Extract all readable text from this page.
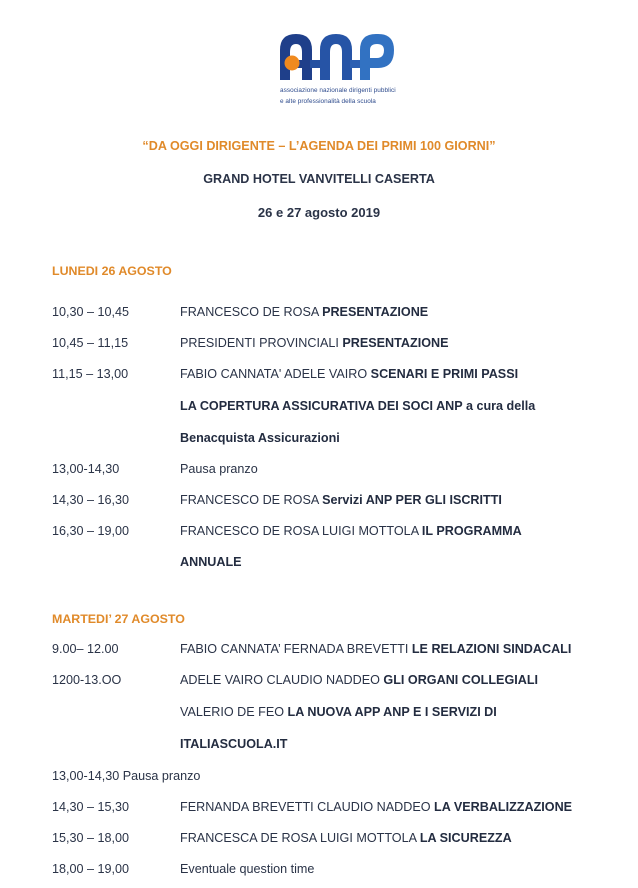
associazione nazionale dirigenti pubblici
e alte professionalità della scuola
“DA OGGI DIRIGENTE – L’AGENDA DEI PRIMI 100 GIORNI”
GRAND HOTEL VANVITELLI CASERTA
26 e 27 agosto 2019
LUNEDI 26 AGOSTO
10,30 – 10,45	FRANCESCO DE ROSA PRESENTAZIONE
10,45 – 11,15	PRESIDENTI PROVINCIALI PRESENTAZIONE
11,15 – 13,00	FABIO CANNATA' ADELE VAIRO SCENARI E PRIMI PASSI
LA COPERTURA ASSICURATIVA DEI SOCI ANP a cura della
Benacquista Assicurazioni
13,00-14,30	Pausa pranzo
14,30 – 16,30	FRANCESCO DE ROSA Servizi ANP PER GLI ISCRITTI
16,30 – 19,00	FRANCESCO DE ROSA LUIGI MOTTOLA IL PROGRAMMA
ANNUALE
MARTEDI’ 27 AGOSTO
9.00– 12.00	FABIO CANNATA’ FERNADA BREVETTI LE RELAZIONI SINDACALI
1200-13.OO	ADELE VAIRO CLAUDIO NADDEO GLI ORGANI COLLEGIALI
VALERIO DE FEO LA NUOVA APP ANP E I SERVIZI DI
ITALIASCUOLA.IT
13,00-14,30 Pausa pranzo
14,30 – 15,30	FERNANDA BREVETTI CLAUDIO NADDEO LA VERBALIZZAZIONE
15,30 – 18,00	FRANCESCA DE ROSA LUIGI MOTTOLA LA SICUREZZA
18,00 – 19,00	Eventuale question time
